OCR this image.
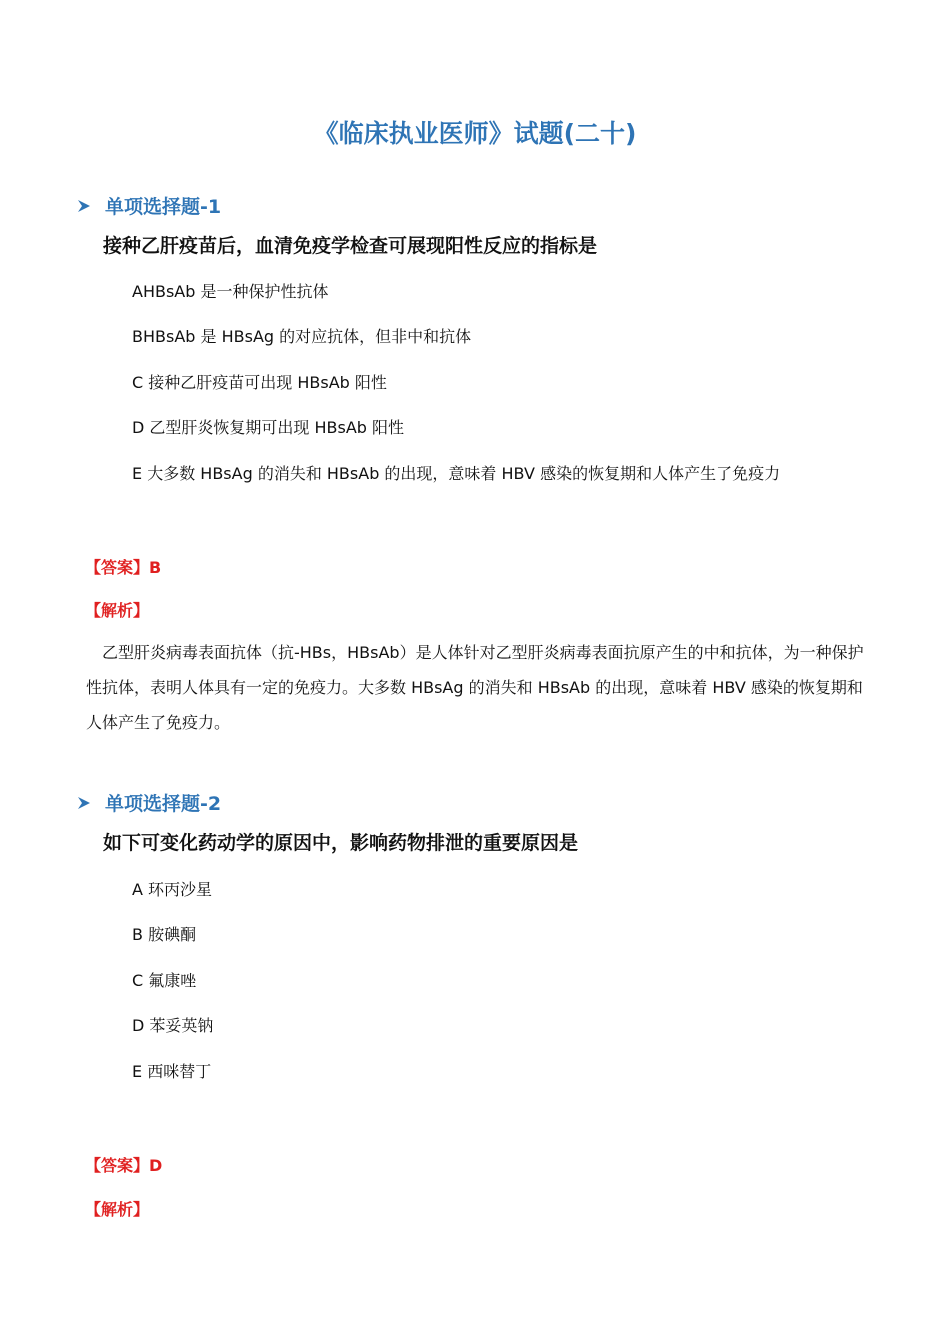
《临床执业医师》试题(二十)
单项选择题-1
接种乙肝疫苗后，血清免疫学检查可展现阳性反应的指标是
AHBsAb 是一种保护性抗体
BHBsAb 是 HBsAg 的对应抗体，但非中和抗体
C 接种乙肝疫苗可出现 HBsAb 阳性
D 乙型肝炎恢复期可出现 HBsAb 阳性
E 大多数 HBsAg 的消失和 HBsAb 的出现，意味着 HBV 感染的恢复期和人体产生了免疫力
【答案】B
【解析】
乙型肝炎病毒表面抗体（抗-HBs，HBsAb）是人体针对乙型肝炎病毒表面抗原产生的中和抗体，为一种保护性抗体，表明人体具有一定的免疫力。大多数 HBsAg 的消失和 HBsAb 的出现，意味着 HBV 感染的恢复期和人体产生了免疫力。
单项选择题-2
如下可变化药动学的原因中，影响药物排泄的重要原因是
A 环丙沙星
B 胺碘酮
C 氟康唑
D 苯妥英钠
E 西咪替丁
【答案】D
【解析】
